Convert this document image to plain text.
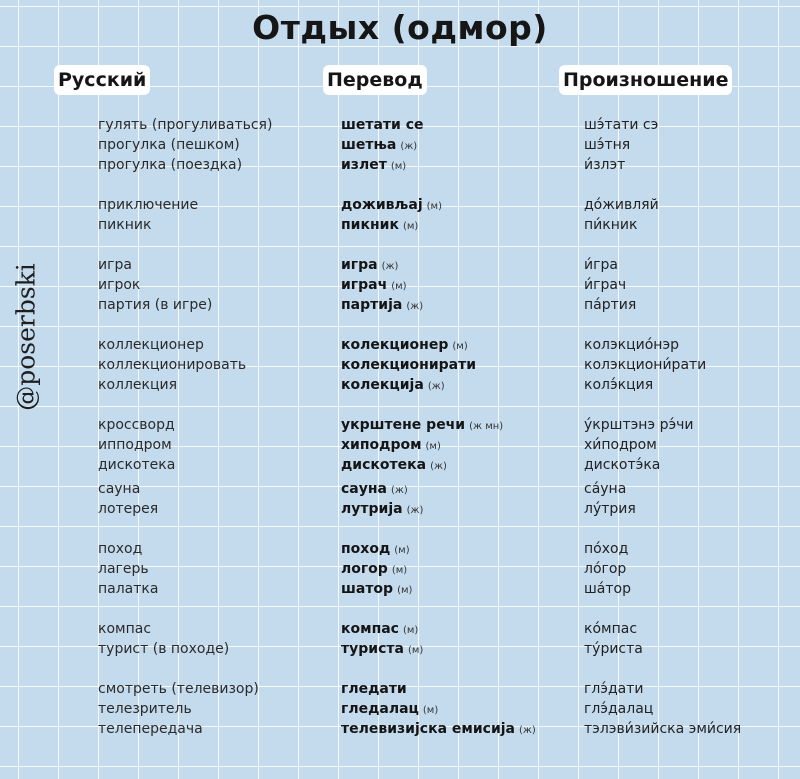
Отдых (одмор)
Русский	Перевод	Произношение
@poserbski
гулять (прогуливаться)	шетати се	шэ́тати сэ
прогулка (пешком)	шетња (ж)	шэ́тня
прогулка (поездка)	излет (м)	и́злэт
приключение	доживљај (м)	до́живляй
пикник	пикник (м)	пи́кник
игра	игра (ж)	и́гра
игрок	играч (м)	и́грач
партия (в игре)	партија (ж)	па́ртия
коллекционер	колекционер (м)	колэкцио́нэр
коллекционировать	колекционирати	колэкциони́рати
коллекция	колекција (ж)	колэ́кция
кроссворд	укрштене речи (ж мн)	у́крштэнэ рэ́чи
ипподром	хиподром (м)	хи́подром
дискотека	дискотека (ж)	дискотэ́ка
сауна	сауна (ж)	са́уна
лотерея	лутрија (ж)	лу́трия
поход	поход (м)	по́ход
лагерь	логор (м)	ло́гор
палатка	шатор (м)	ша́тор
компас	компас (м)	ко́мпас
турист (в походе)	туриста (м)	ту́риста
смотреть (телевизор)	гледати	глэ́дати
телезритель	гледалац (м)	глэ́далац
телепередача	телевизијска емисија (ж)	тэлэви́зийска эми́сия
